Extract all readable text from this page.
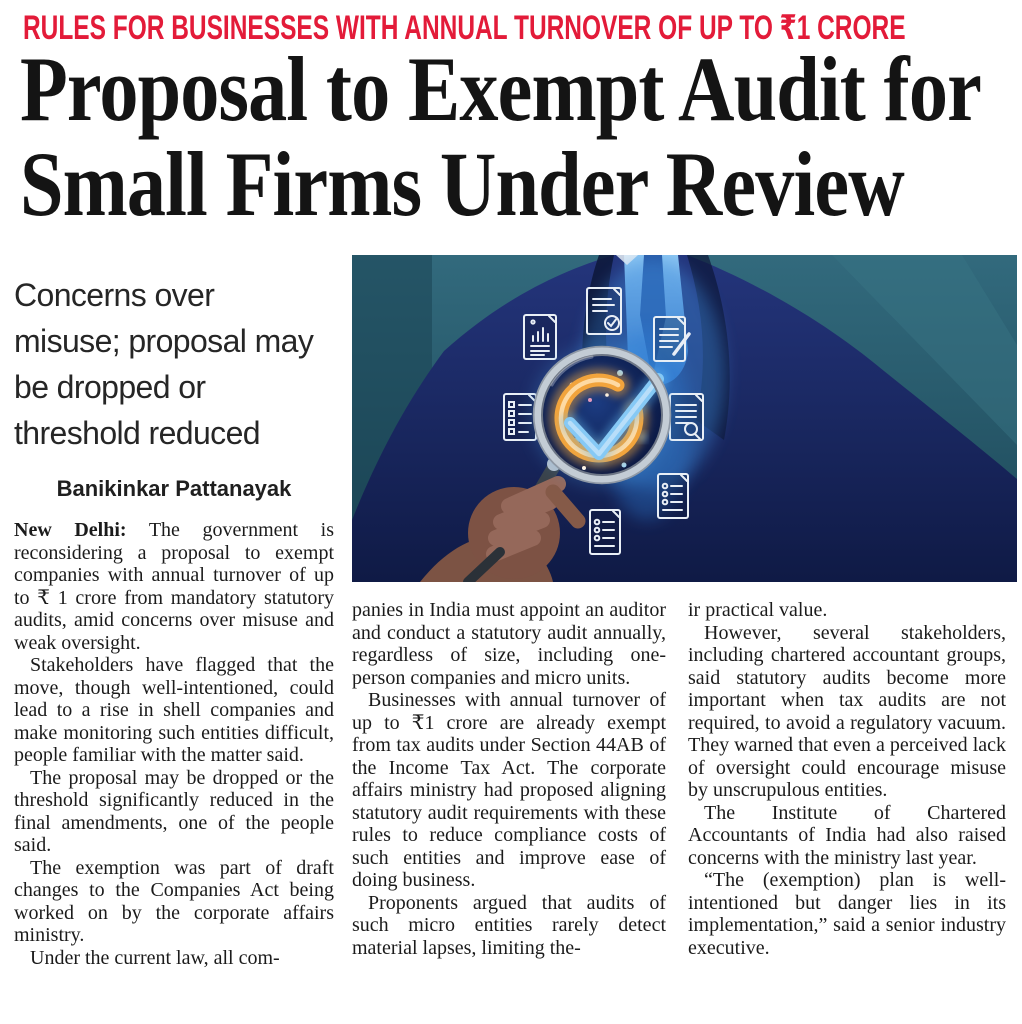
RULES FOR BUSINESSES WITH ANNUAL TURNOVER OF UP TO ₹1 CRORE
Proposal to Exempt Audit for
Small Firms Under Review
Concerns over
misuse; proposal may
be dropped or
threshold reduced
Banikinkar Pattanayak

New Delhi: The government is reconsidering a proposal to exempt companies with annual turnover of up to ₹ 1 crore from mandatory statutory audits, amid concerns over misuse and weak oversight.

Stakeholders have flagged that the move, though well-intentioned, could lead to a rise in shell companies and make monitoring such entities difficult, people familiar with the matter said.

The proposal may be dropped or the threshold significantly reduced in the final amendments, one of the people said.

The exemption was part of draft changes to the Companies Act being worked on by the corporate affairs ministry.

Under the current law, all com-

panies in India must appoint an auditor and conduct a statutory audit annually, regardless of size, including one-person companies and micro units.

Businesses with annual turnover of up to ₹1 crore are already exempt from tax audits under Section 44AB of the Income Tax Act. The corporate affairs ministry had proposed aligning statutory audit requirements with these rules to reduce compliance costs of such entities and improve ease of doing business.

Proponents argued that audits of such micro entities rarely detect material lapses, limiting the-

ir practical value.

However, several stakeholders, including chartered accountant groups, said statutory audits become more important when tax audits are not required, to avoid a regulatory vacuum. They warned that even a perceived lack of oversight could encourage misuse by unscrupulous entities.

The Institute of Chartered Accountants of India had also raised concerns with the ministry last year.

“The (exemption) plan is well-intentioned but danger lies in its implementation,” said a senior industry executive.
